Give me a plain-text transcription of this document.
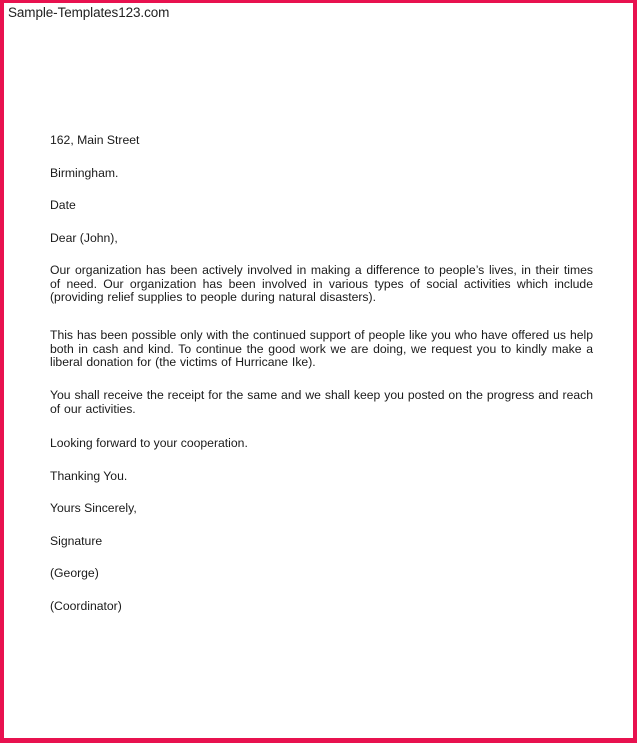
Sample-Templates123.com
162, Main Street
Birmingham.
Date
Dear (John),
Our organization has been actively involved in making a difference to people’s lives, in their times of need. Our organization has been involved in various types of social activities which include (providing relief supplies to people during natural disasters).
This has been possible only with the continued support of people like you who have offered us help both in cash and kind. To continue the good work we are doing, we request you to kindly make a liberal donation for (the victims of Hurricane Ike).
You shall receive the receipt for the same and we shall keep you posted on the progress and reach of our activities.
Looking forward to your cooperation.
Thanking You.
Yours Sincerely,
Signature
(George)
(Coordinator)
